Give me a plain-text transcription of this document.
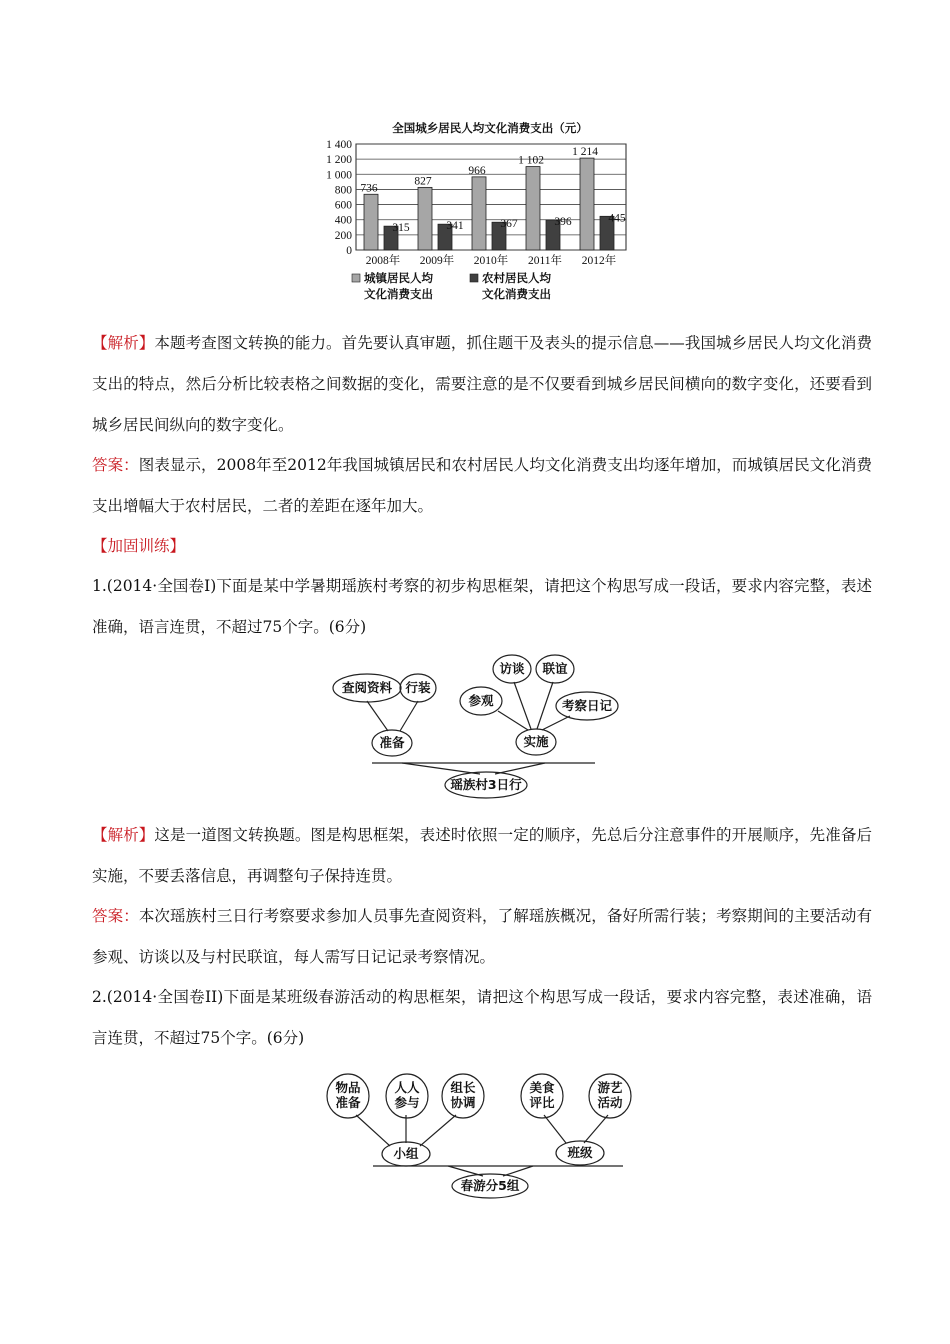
全国城乡居民人均文化消费支出（元）
0
200
400
600
800
1 000
1 200
1 400
736
315
2008年
827
341
2009年
966
367
2010年
1 102
396
2011年
1 214
445
2012年
城镇居民人均
文化消费支出
农村居民人均
文化消费支出

【解析】本题考查图文转换的能力。首先要认真审题，抓住题干及表头的提示信息——我国城乡居民人均文化消费支出的特点，然后分析比较表格之间数据的变化，需要注意的是不仅要看到城乡居民间横向的数字变化，还要看到城乡居民间纵向的数字变化。

答案：图表显示，2008年至2012年我国城镇居民和农村居民人均文化消费支出均逐年增加，而城镇居民文化消费支出增幅大于农村居民，二者的差距在逐年加大。

【加固训练】

1.(2014·全国卷I)下面是某中学暑期瑶族村考察的初步构思框架，请把这个构思写成一段话，要求内容完整，表述准确，语言连贯，不超过75个字。(6分)

查阅资料 行装
准备
参观
访谈 联谊
考察日记
实施
瑶族村3日行

【解析】这是一道图文转换题。图是构思框架，表述时依照一定的顺序，先总后分注意事件的开展顺序，先准备后实施，不要丢落信息，再调整句子保持连贯。

答案：本次瑶族村三日行考察要求参加人员事先查阅资料，了解瑶族概况，备好所需行装；考察期间的主要活动有参观、访谈以及与村民联谊，每人需写日记记录考察情况。

2.(2014·全国卷II)下面是某班级春游活动的构思框架，请把这个构思写成一段话，要求内容完整，表述准确，语言连贯，不超过75个字。(6分)

物品
准备
人人
参与
组长
协调
美食
评比
游艺
活动
小组	班级
春游分5组
